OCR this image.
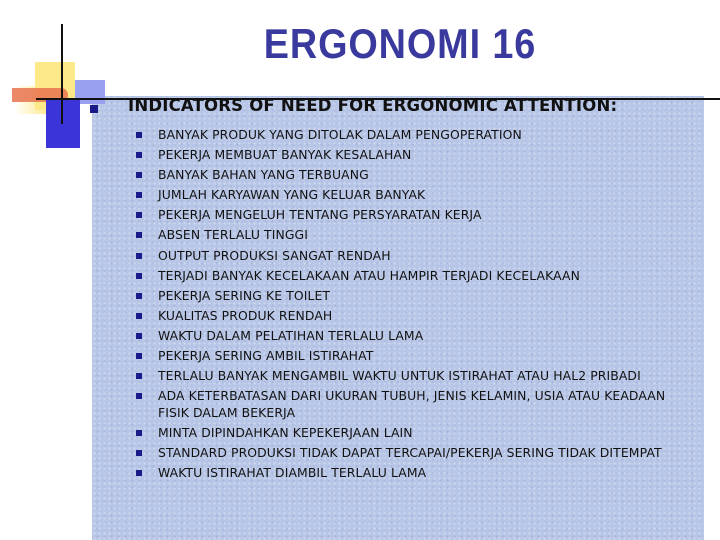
ERGONOMI 16
INDICATORS OF NEED FOR ERGONOMIC ATTENTION:
BANYAK PRODUK YANG DITOLAK DALAM PENGOPERATION
PEKERJA MEMBUAT BANYAK KESALAHAN
BANYAK BAHAN YANG TERBUANG
JUMLAH KARYAWAN YANG KELUAR BANYAK
PEKERJA MENGELUH TENTANG PERSYARATAN KERJA
ABSEN TERLALU TINGGI
OUTPUT PRODUKSI SANGAT RENDAH
TERJADI BANYAK KECELAKAAN ATAU HAMPIR TERJADI KECELAKAAN
PEKERJA SERING KE TOILET
KUALITAS PRODUK RENDAH
WAKTU DALAM PELATIHAN TERLALU LAMA
PEKERJA SERING AMBIL ISTIRAHAT
TERLALU BANYAK MENGAMBIL WAKTU UNTUK ISTIRAHAT ATAU HAL2 PRIBADI
ADA KETERBATASAN DARI UKURAN TUBUH, JENIS KELAMIN, USIA ATAU KEADAAN FISIK DALAM BEKERJA
MINTA DIPINDAHKAN KEPEKERJAAN LAIN
STANDARD PRODUKSI TIDAK DAPAT TERCAPAI/PEKERJA SERING TIDAK DITEMPAT
WAKTU ISTIRAHAT DIAMBIL TERLALU LAMA
